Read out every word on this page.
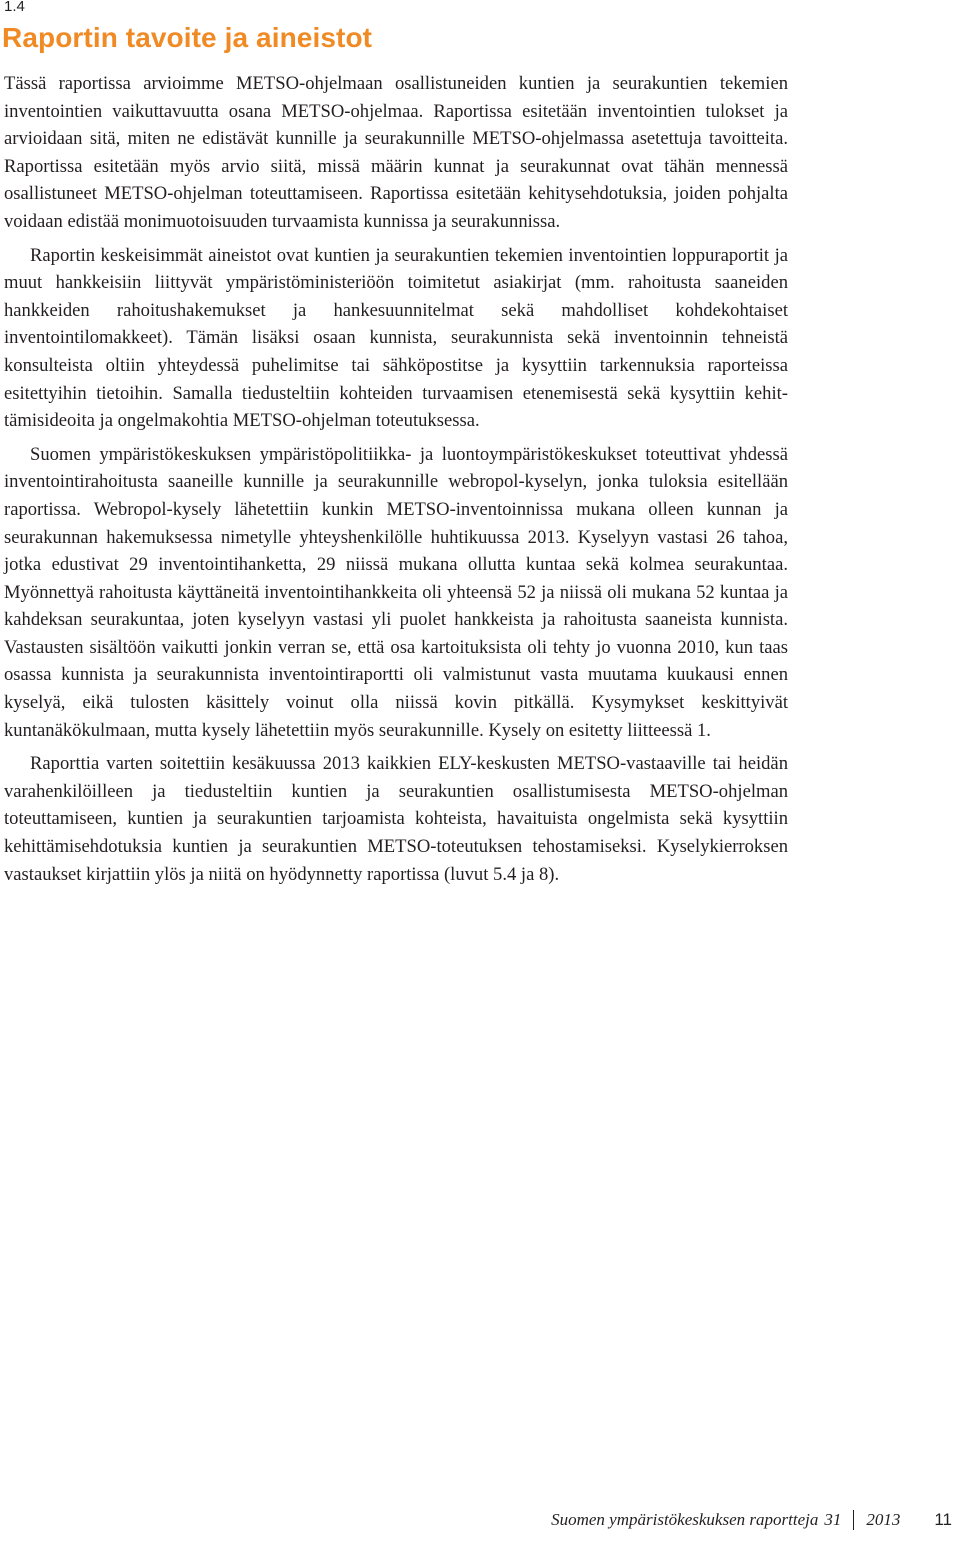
1.4
Raportin tavoite ja aineistot

Tässä raportissa arvioimme METSO-ohjelmaan osallistuneiden kuntien ja seurakuntien tekemien inventointien vaikuttavuutta osana METSO-ohjelmaa. Raportissa esitetään inventointien tulokset ja arvioidaan sitä, miten ne edistävät kunnille ja seurakunnille METSO-ohjelmassa asetettuja tavoitteita. Raportissa esitetään myös arvio siitä, missä määrin kunnat ja seurakunnat ovat tähän mennessä osallistuneet METSO-ohjelman toteuttamiseen. Raportissa esitetään kehitysehdotuksia, joiden pohjalta voidaan edistää monimuotoisuuden turvaamista kunnissa ja seurakunnissa.

Raportin keskeisimmät aineistot ovat kuntien ja seurakuntien tekemien inventointien loppuraportit ja muut hankkeisiin liittyvät ympäristöministeriöön toimitetut asiakirjat (mm. rahoitusta saaneiden hankkeiden rahoitushakemukset ja hankesuunnitelmat sekä mahdolliset kohdekohtaiset inventointilomakkeet). Tämän lisäksi osaan kunnista, seurakunnista sekä inventoinnin tehneistä konsulteista oltiin yhteydessä puhelimitse tai sähköpostitse ja kysyttiin tarkennuksia raporteissa esitettyihin tietoihin. Samalla tiedusteltiin kohteiden turvaamisen etenemisestä sekä kysyttiin kehittämisideoita ja ongelmakohtia METSO-ohjelman toteutuksessa.

Suomen ympäristökeskuksen ympäristöpolitiikka- ja luontoympäristökeskukset toteuttivat yhdessä inventointirahoitusta saaneille kunnille ja seurakunnille webropol-kyselyn, jonka tuloksia esitellään raportissa. Webropol-kysely lähetettiin kunkin METSO-inventoinnissa mukana olleen kunnan ja seurakunnan hakemuksessa nimetylle yhteyshenkilölle huhtikuussa 2013. Kyselyyn vastasi 26 tahoa, jotka edustivat 29 inventointihanketta, 29 niissä mukana ollutta kuntaa sekä kolmea seurakuntaa. Myönnettyä rahoitusta käyttäneitä inventointihankkeita oli yhteensä 52 ja niissä oli mukana 52 kuntaa ja kahdeksan seurakuntaa, joten kyselyyn vastasi yli puolet hankkeista ja rahoitusta saaneista kunnista. Vastausten sisältöön vaikutti jonkin verran se, että osa kartoituksista oli tehty jo vuonna 2010, kun taas osassa kunnista ja seurakunnista inventointiraportti oli valmistunut vasta muutama kuukausi ennen kyselyä, eikä tulosten käsittely voinut olla niissä kovin pitkällä. Kysymykset keskittyivät kuntanäkökulmaan, mutta kysely lähetettiin myös seurakunnille. Kysely on esitetty liitteessä 1.

Raporttia varten soitettiin kesäkuussa 2013 kaikkien ELY-keskusten METSO-vastaaville tai heidän varahenkilöilleen ja tiedusteltiin kuntien ja seurakuntien osallistumisesta METSO-ohjelman toteuttamiseen, kuntien ja seurakuntien tarjoamista kohteista, havaituista ongelmista sekä kysyttiin kehittämisehdotuksia kuntien ja seurakuntien METSO-toteutuksen tehostamiseksi. Kyselykierroksen vastaukset kirjattiin ylös ja niitä on hyödynnetty raportissa (luvut 5.4 ja 8).

Suomen ympäristökeskuksen raportteja 31 2013 11
